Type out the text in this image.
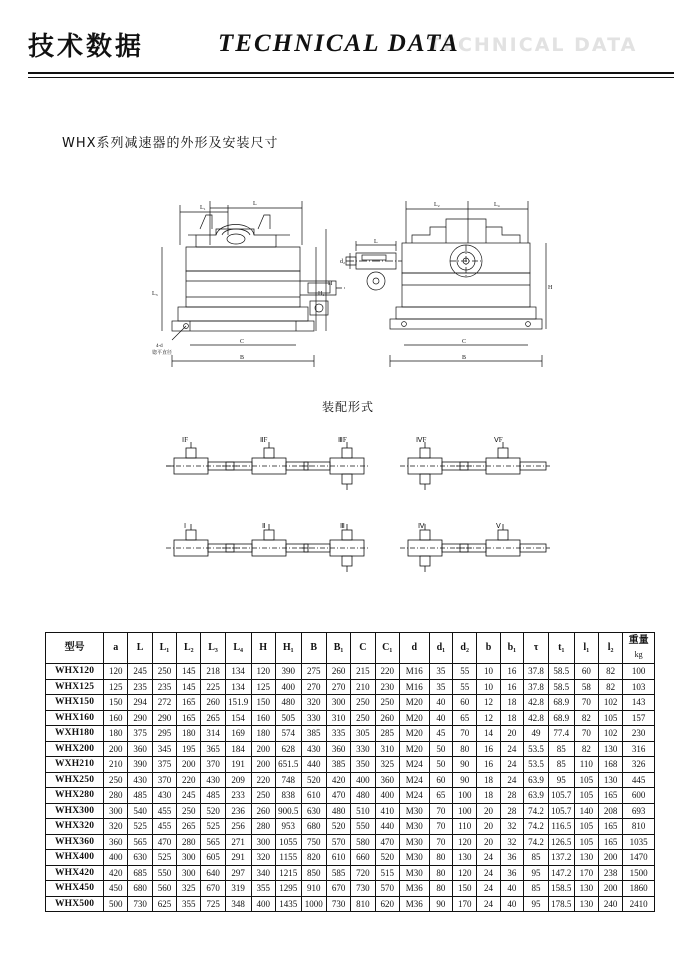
TECHNICAL DATA
技术数据	TECHNICAL DATA
WHX系列减速器的外形及安装尺寸
L₁
L
4-d
锪平直径
H₁
H
B
C
L₃
L₂	L₄
L
d₂
H
B
C
装配形式
ⅠF	ⅡF	ⅢF	ⅣF	ⅤF
Ⅰ	Ⅱ	Ⅲ	Ⅳ	Ⅴ
型号	a	L	L₁	L₂	L₃	L₄	H	H₁	B	B₁	C	C₁	d	d₁	d₂	b	b₁	τ	t₁	l₁	l₂	重量
kg

WHX120	120	245	250	145	218	134	120	390	275	260	215	220	M16	35	55	10	16	37.8	58.5	60	82	100
WHX125	125	235	235	145	225	134	125	400	270	270	210	230	M16	35	55	10	16	37.8	58.5	58	82	103
WHX150	150	294	272	165	260	151.9	150	480	320	300	250	250	M20	40	60	12	18	42.8	68.9	70	102	143
WHX160	160	290	290	165	265	154	160	505	330	310	250	260	M20	40	65	12	18	42.8	68.9	82	105	157
WXH180	180	375	295	180	314	169	180	574	385	335	305	285	M20	45	70	14	20	49	77.4	70	102	230
WHX200	200	360	345	195	365	184	200	628	430	360	330	310	M20	50	80	16	24	53.5	85	82	130	316
WXH210	210	390	375	200	370	191	200	651.5	440	385	350	325	M24	50	90	16	24	53.5	85	110	168	326
WHX250	250	430	370	220	430	209	220	748	520	420	400	360	M24	60	90	18	24	63.9	95	105	130	445
WHX280	280	485	430	245	485	233	250	838	610	470	480	400	M24	65	100	18	28	63.9	105.7	105	165	600
WHX300	300	540	455	250	520	236	260	900.5	630	480	510	410	M30	70	100	20	28	74.2	105.7	140	208	693
WHX320	320	525	455	265	525	256	280	953	680	520	550	440	M30	70	110	20	32	74.2	116.5	105	165	810
WHX360	360	565	470	280	565	271	300	1055	750	570	580	470	M30	70	120	20	32	74.2	126.5	105	165	1035
WHX400	400	630	525	300	605	291	320	1155	820	610	660	520	M30	80	130	24	36	85	137.2	130	200	1470
WHX420	420	685	550	300	640	297	340	1215	850	585	720	515	M30	80	120	24	36	95	147.2	170	238	1500
WHX450	450	680	560	325	670	319	355	1295	910	670	730	570	M36	80	150	24	40	85	158.5	130	200	1860
WHX500	500	730	625	355	725	348	400	1435	1000	730	810	620	M36	90	170	24	40	95	178.5	130	240	2410
